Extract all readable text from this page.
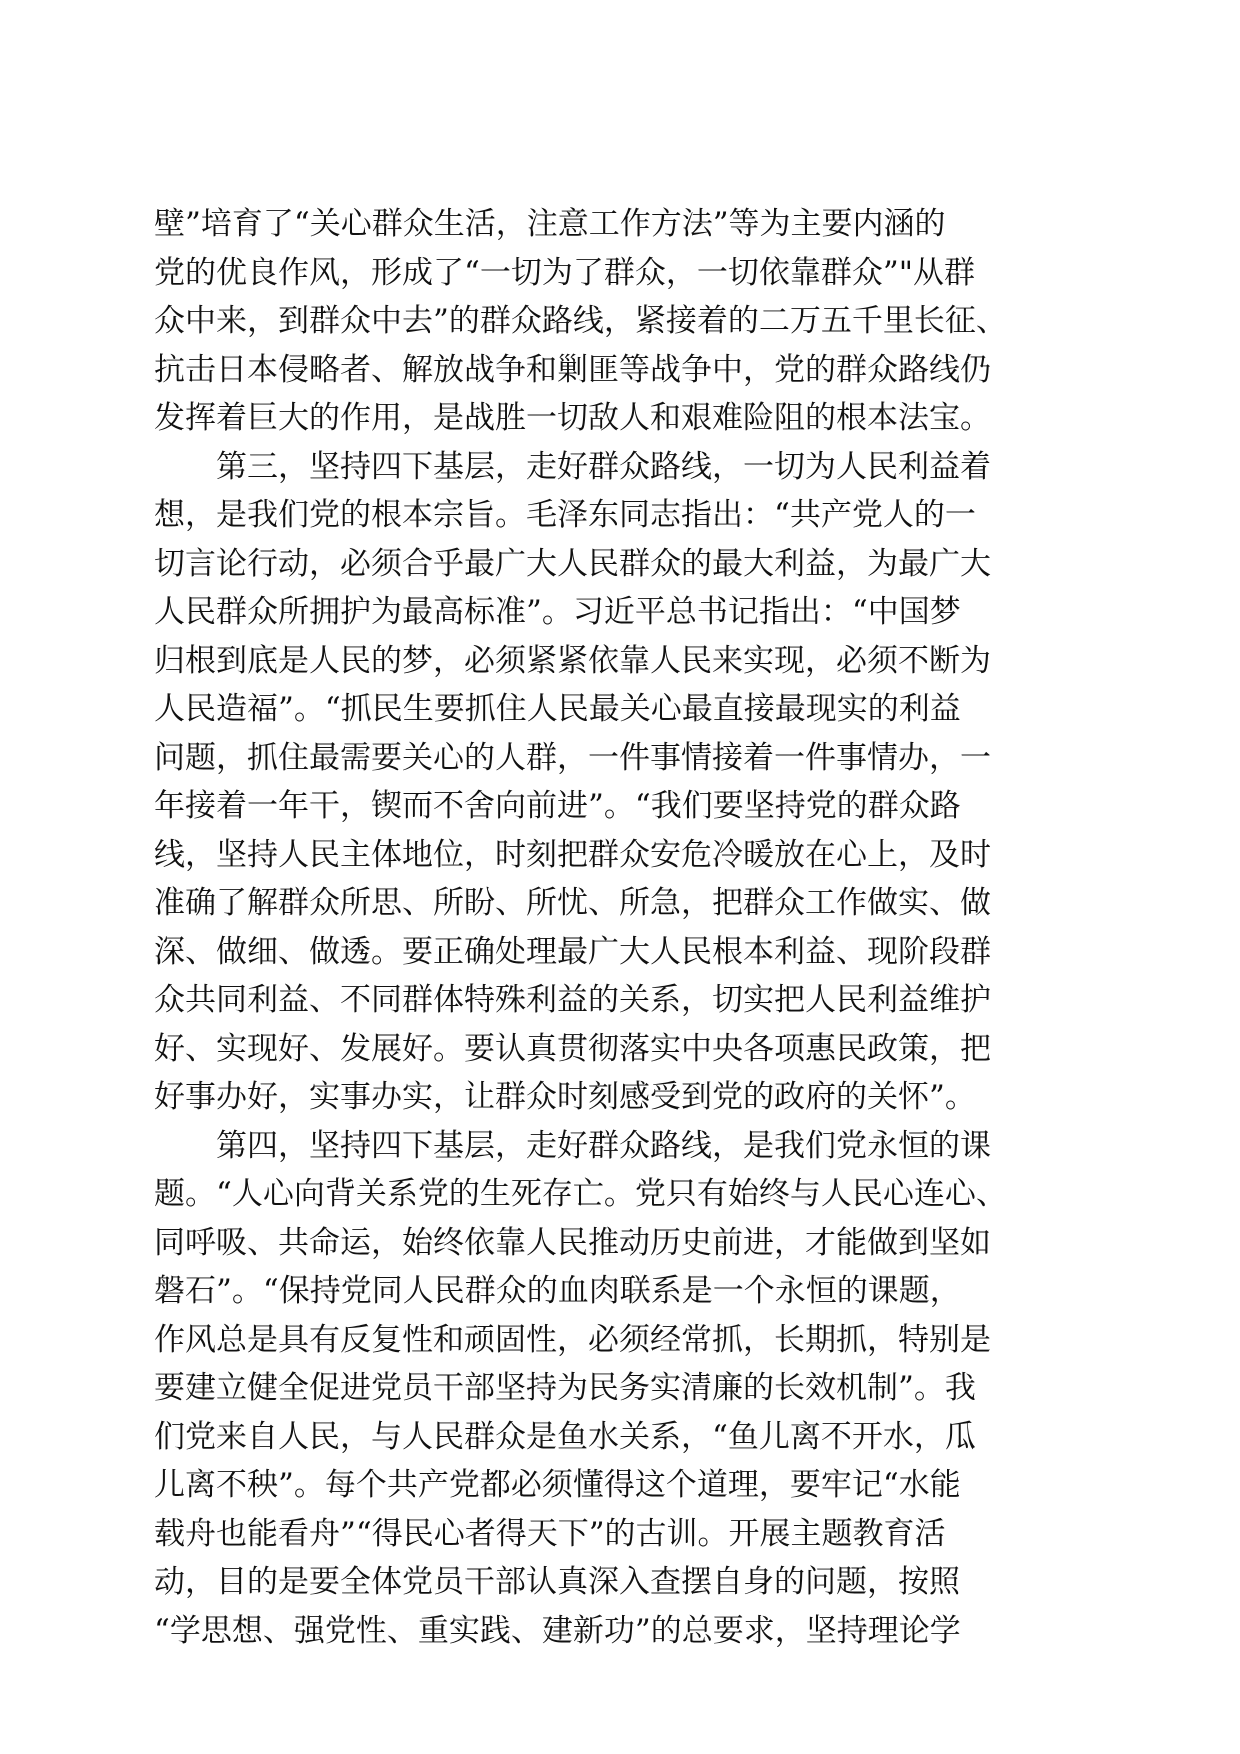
壁”培育了“关心群众生活，注意工作方法”等为主要内涵的
党的优良作风，形成了“一切为了群众，一切依靠群众”"从群
众中来，到群众中去”的群众路线，紧接着的二万五千里长征、
抗击日本侵略者、解放战争和剿匪等战争中，党的群众路线仍
发挥着巨大的作用，是战胜一切敌人和艰难险阻的根本法宝。
　　第三，坚持四下基层，走好群众路线，一切为人民利益着
想，是我们党的根本宗旨。毛泽东同志指出：“共产党人的一
切言论行动，必须合乎最广大人民群众的最大利益，为最广大
人民群众所拥护为最高标准”。习近平总书记指出：“中国梦
归根到底是人民的梦，必须紧紧依靠人民来实现，必须不断为
人民造福”。“抓民生要抓住人民最关心最直接最现实的利益
问题，抓住最需要关心的人群，一件事情接着一件事情办，一
年接着一年干，锲而不舍向前进”。“我们要坚持党的群众路
线，坚持人民主体地位，时刻把群众安危冷暖放在心上，及时
准确了解群众所思、所盼、所忧、所急，把群众工作做实、做
深、做细、做透。要正确处理最广大人民根本利益、现阶段群
众共同利益、不同群体特殊利益的关系，切实把人民利益维护
好、实现好、发展好。要认真贯彻落实中央各项惠民政策，把
好事办好，实事办实，让群众时刻感受到党的政府的关怀”。
　　第四，坚持四下基层，走好群众路线，是我们党永恒的课
题。“人心向背关系党的生死存亡。党只有始终与人民心连心、
同呼吸、共命运，始终依靠人民推动历史前进，才能做到坚如
磐石”。“保持党同人民群众的血肉联系是一个永恒的课题，
作风总是具有反复性和顽固性，必须经常抓，长期抓，特别是
要建立健全促进党员干部坚持为民务实清廉的长效机制”。我
们党来自人民，与人民群众是鱼水关系，“鱼儿离不开水，瓜
儿离不秧”。每个共产党都必须懂得这个道理，要牢记“水能
载舟也能看舟”“得民心者得天下”的古训。开展主题教育活
动，目的是要全体党员干部认真深入查摆自身的问题，按照
“学思想、强党性、重实践、建新功”的总要求，坚持理论学
